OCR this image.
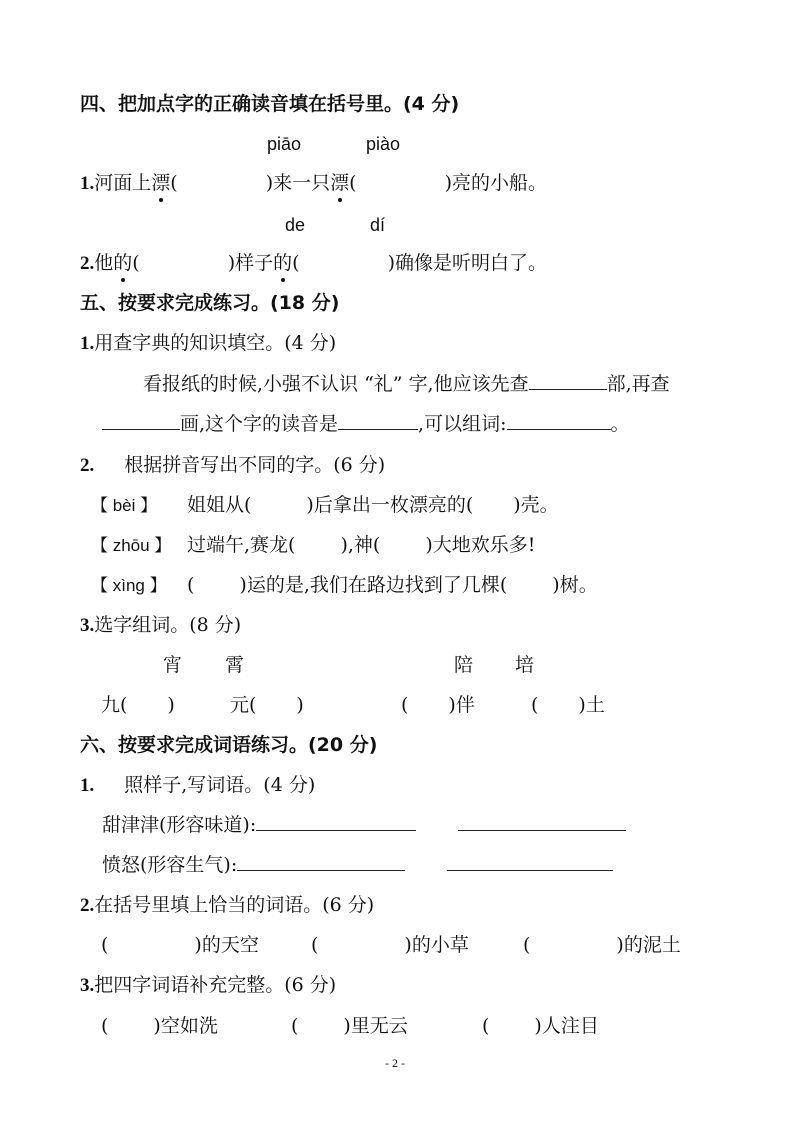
四、把加点字的正确读音填在括号里。(4 分)
piāo	piào
1.河面上漂(	)来一只漂(	)亮的小船。
de	dí
2.他的(	)样子的(	)确像是听明白了。
五、按要求完成练习。(18 分)
1.用查字典的知识填空。(4 分)
看报纸的时候,小强不认识 “礼” 字,他应该先查	部,再查
画,这个字的读音是	,可以组词:	。
2. 根据拼音写出不同的字。(6 分)
【 bèi 】 姐姐从(	)后拿出一枚漂亮的( )壳。
【 zhōu 】 过端午,赛龙( ),神( )大地欢乐多!
【 xìng 】 ( )运的是,我们在路边找到了几棵( )树。
3.选字组词。(8 分)
宵 霄	陪 培
九( )	元( )	( )伴	( )土
六、按要求完成词语练习。(20 分)
1. 照样子,写词语。(4 分)
甜津津(形容味道):
愤怒(形容生气):
2.在括号里填上恰当的词语。(6 分)
(	)的天空	(	)的小草	(	)的泥土
3.把四字词语补充完整。(6 分)
( )空如洗	( )里无云	( )人注目
- 2 -
